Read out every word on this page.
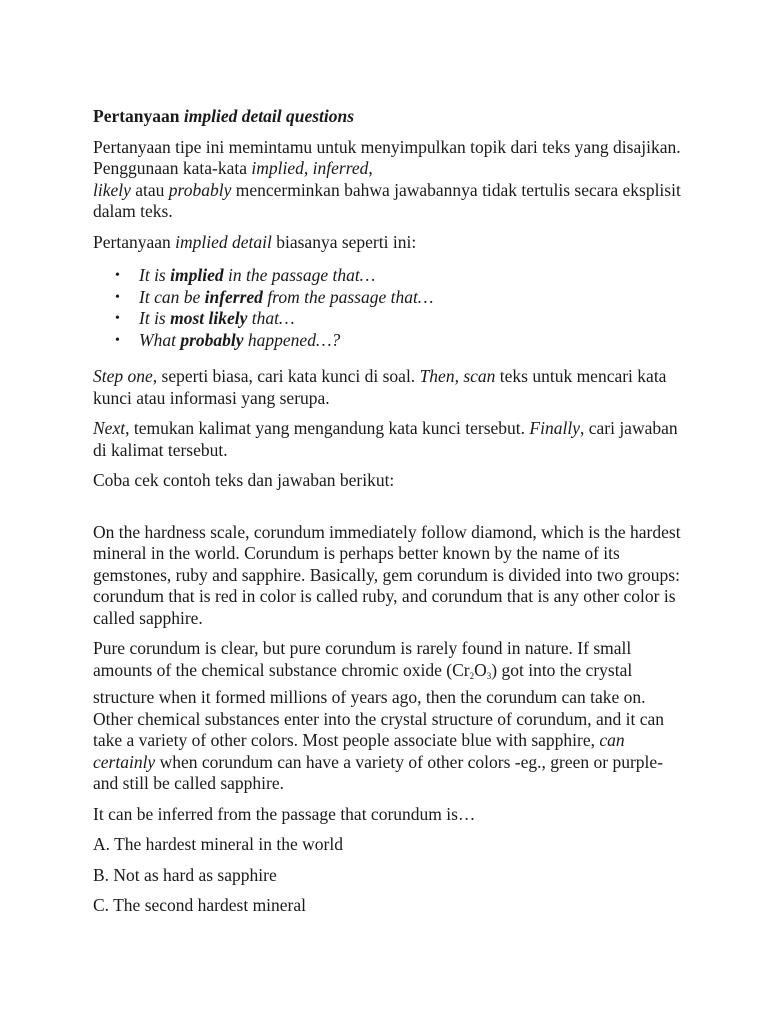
Pertanyaan implied detail questions

Pertanyaan tipe ini memintamu untuk menyimpulkan topik dari teks yang disajikan. Penggunaan kata-kata implied, inferred,
likely atau probably mencerminkan bahwa jawabannya tidak tertulis secara eksplisit dalam teks.

Pertanyaan implied detail biasanya seperti ini:

• It is implied in the passage that…
• It can be inferred from the passage that…
• It is most likely that…
• What probably happened…?

Step one, seperti biasa, cari kata kunci di soal. Then, scan teks untuk mencari kata kunci atau informasi yang serupa.

Next, temukan kalimat yang mengandung kata kunci tersebut. Finally, cari jawaban di kalimat tersebut.

Coba cek contoh teks dan jawaban berikut:

On the hardness scale, corundum immediately follow diamond, which is the hardest mineral in the world. Corundum is perhaps better known by the name of its gemstones, ruby and sapphire. Basically, gem corundum is divided into two groups: corundum that is red in color is called ruby, and corundum that is any other color is called sapphire.

Pure corundum is clear, but pure corundum is rarely found in nature. If small amounts of the chemical substance chromic oxide $(Cr_2O_3)$ got into the crystal structure when it formed millions of years ago, then the corundum can take on. Other chemical substances enter into the crystal structure of corundum, and it can take a variety of other colors. Most people associate blue with sapphire, can certainly when corundum can have a variety of other colors -eg., green or purple- and still be called sapphire.

It can be inferred from the passage that corundum is…

A. The hardest mineral in the world

B. Not as hard as sapphire

C. The second hardest mineral
